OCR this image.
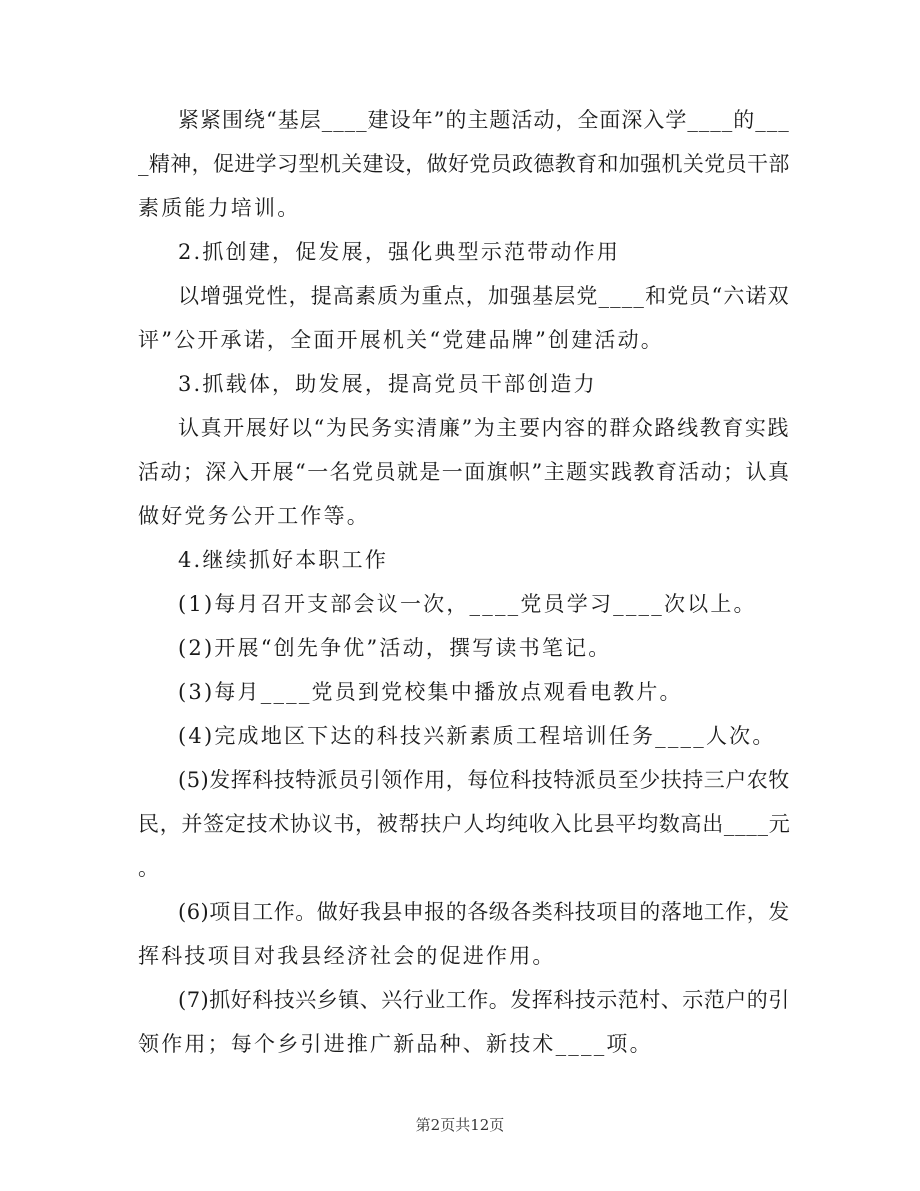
紧紧围绕“基层____建设年”的主题活动，全面深入学____的___
_精神，促进学习型机关建设，做好党员政德教育和加强机关党员干部
素质能力培训。
2.抓创建，促发展，强化典型示范带动作用
以增强党性，提高素质为重点，加强基层党____和党员“六诺双
评”公开承诺，全面开展机关“党建品牌”创建活动。
3.抓载体，助发展，提高党员干部创造力
认真开展好以“为民务实清廉”为主要内容的群众路线教育实践
活动；深入开展“一名党员就是一面旗帜”主题实践教育活动；认真
做好党务公开工作等。
4.继续抓好本职工作
(1)每月召开支部会议一次，____党员学习____次以上。
(2)开展“创先争优”活动，撰写读书笔记。
(3)每月____党员到党校集中播放点观看电教片。
(4)完成地区下达的科技兴新素质工程培训任务____人次。
(5)发挥科技特派员引领作用，每位科技特派员至少扶持三户农牧
民，并签定技术协议书，被帮扶户人均纯收入比县平均数高出____元
。
(6)项目工作。做好我县申报的各级各类科技项目的落地工作，发
挥科技项目对我县经济社会的促进作用。
(7)抓好科技兴乡镇、兴行业工作。发挥科技示范村、示范户的引
领作用；每个乡引进推广新品种、新技术____项。
第2页共12页
